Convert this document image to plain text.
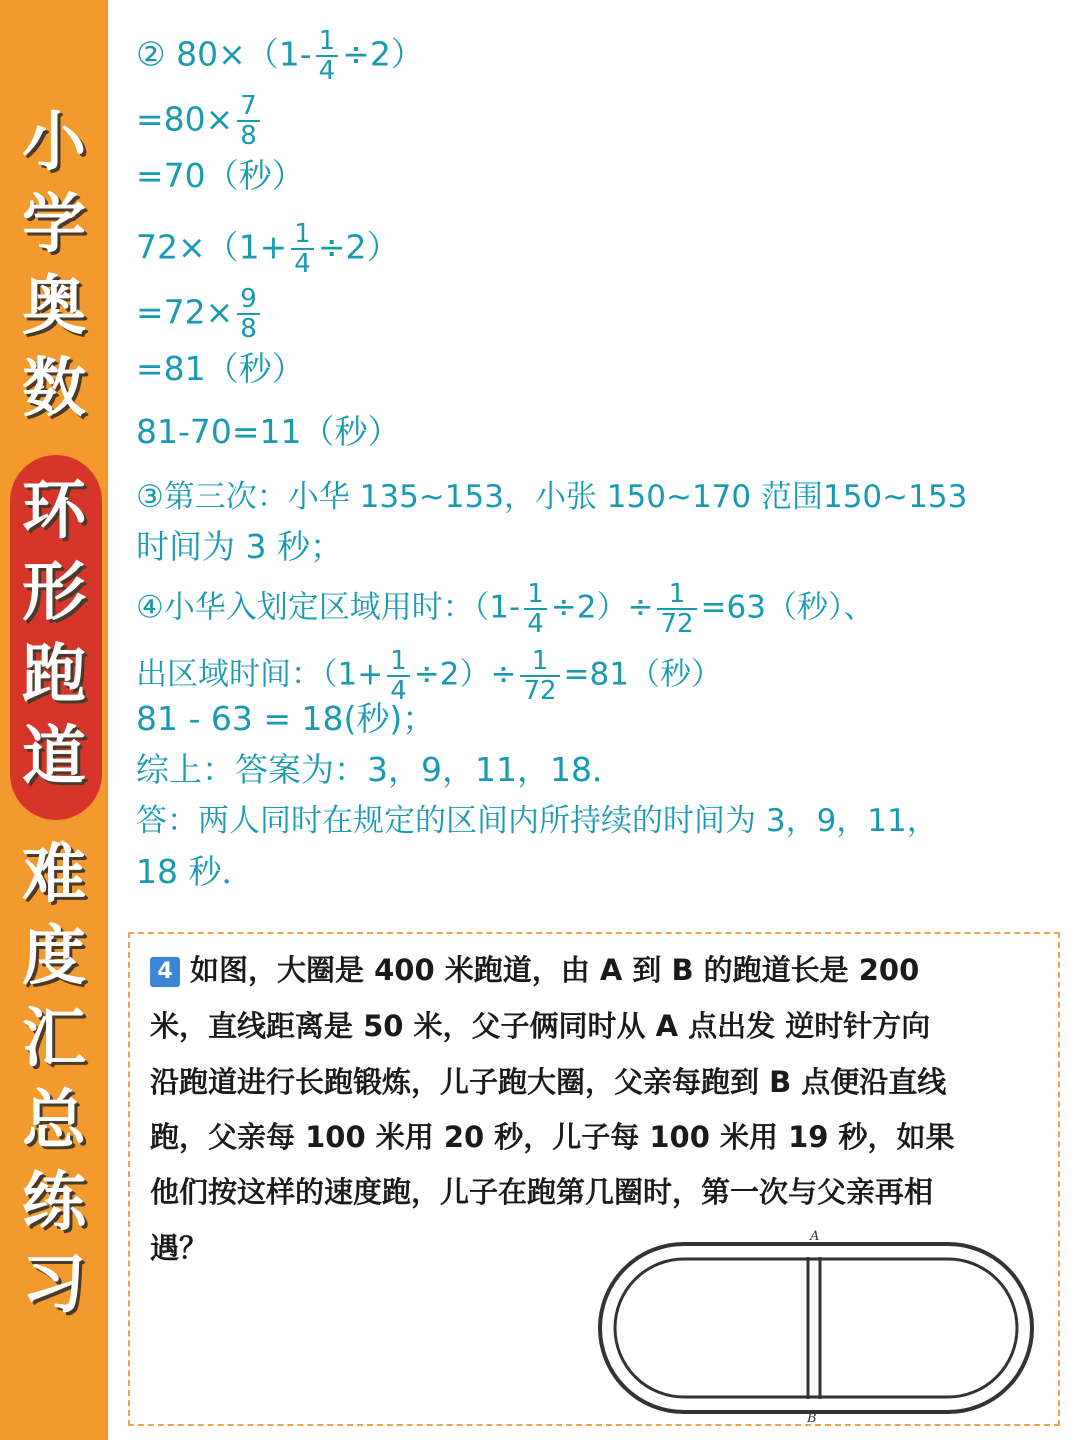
小
学
奥
数
环
形
跑
道
难
度
汇
总
练
习
② $80\times(1- \frac{1}{4} \div 2)$
$=80\times \frac{7}{8}$
=70（秒）
$72\times(1+ \frac{1}{4} \div 2)$
$=72\times \frac{9}{8}$
=81（秒）
81-70=11（秒）
③第三次：小华 135~153，小张 150~170 范围150~153
时间为 3 秒；
④小华入划定区域用时：$(1- \frac{1}{4} \div 2)\div \frac{1}{72} =63$（秒）、
出区域时间：$(1+ \frac{1}{4} \div 2)\div \frac{1}{72} =81$（秒）
81 - 63 = 18(秒)；
综上：答案为：3，9，11，18．
答：两人同时在规定的区间内所持续的时间为 3，9，11，
18 秒．
4 如图，大圈是 400 米跑道，由 A 到 B 的跑道长是 200
米，直线距离是 50 米，父子俩同时从 A 点出发 逆时针方向
沿跑道进行长跑锻炼，儿子跑大圈，父亲每跑到 B 点便沿直线
跑，父亲每 100 米用 20 秒，儿子每 100 米用 19 秒，如果
他们按这样的速度跑，儿子在跑第几圈时，第一次与父亲再相
遇？	A
B
